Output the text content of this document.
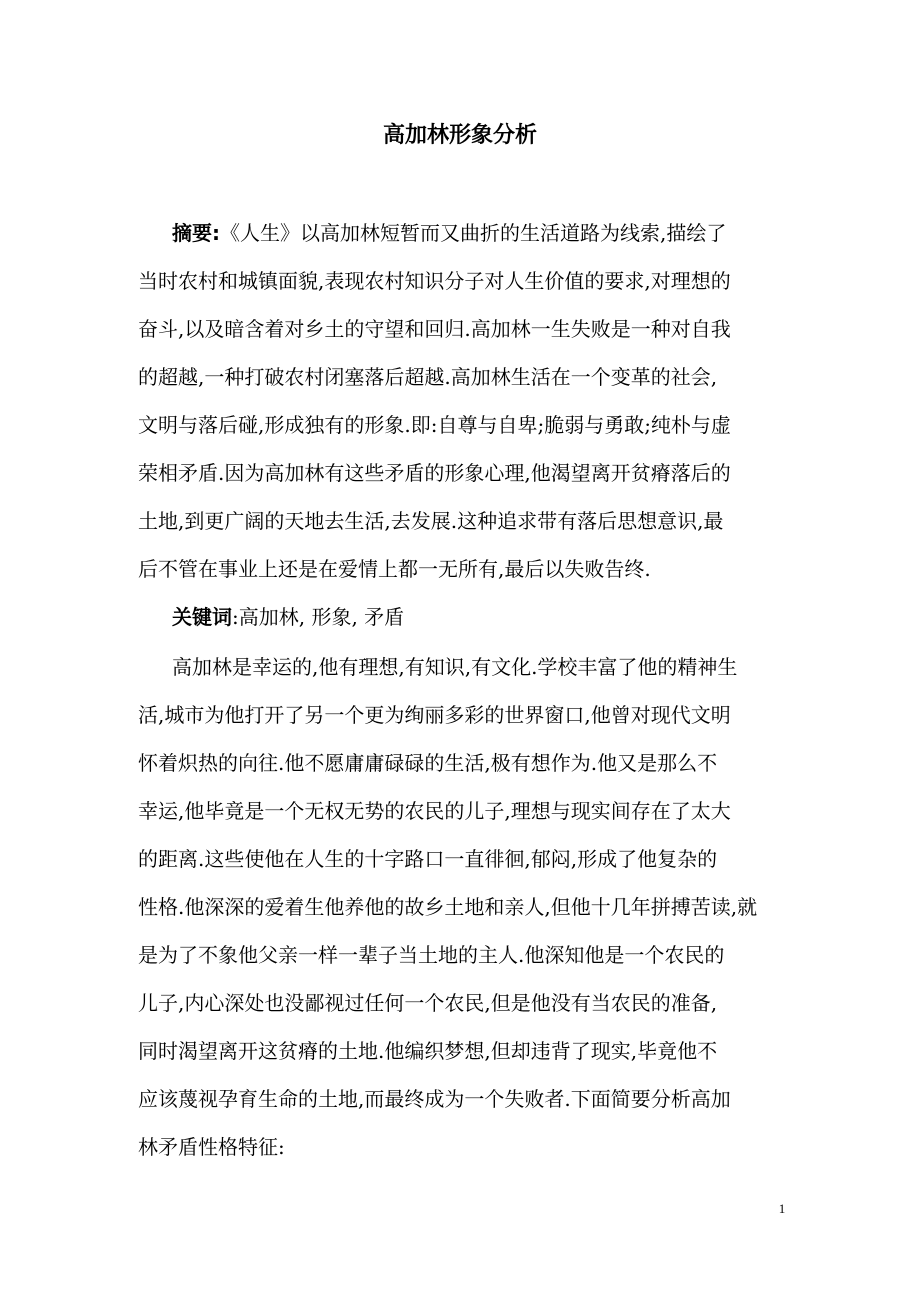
高加林形象分析
摘要:《人生》以高加林短暂而又曲折的生活道路为线索,描绘了
当时农村和城镇面貌,表现农村知识分子对人生价值的要求,对理想的
奋斗,以及暗含着对乡土的守望和回归.高加林一生失败是一种对自我
的超越,一种打破农村闭塞落后超越.高加林生活在一个变革的社会,
文明与落后碰,形成独有的形象.即:自尊与自卑;脆弱与勇敢;纯朴与虚
荣相矛盾.因为高加林有这些矛盾的形象心理,他渴望离开贫瘠落后的
土地,到更广阔的天地去生活,去发展.这种追求带有落后思想意识,最
后不管在事业上还是在爱情上都一无所有,最后以失败告终.
关键词:高加林, 形象, 矛盾
高加林是幸运的,他有理想,有知识,有文化.学校丰富了他的精神生
活,城市为他打开了另一个更为绚丽多彩的世界窗口,他曾对现代文明
怀着炽热的向往.他不愿庸庸碌碌的生活,极有想作为.他又是那么不
幸运,他毕竟是一个无权无势的农民的儿子,理想与现实间存在了太大
的距离.这些使他在人生的十字路口一直徘徊,郁闷,形成了他复杂的
性格.他深深的爱着生他养他的故乡土地和亲人,但他十几年拼搏苦读,就
是为了不象他父亲一样一辈子当土地的主人.他深知他是一个农民的
儿子,内心深处也没鄙视过任何一个农民,但是他没有当农民的准备,
同时渴望离开这贫瘠的土地.他编织梦想,但却违背了现实,毕竟他不
应该蔑视孕育生命的土地,而最终成为一个失败者.下面简要分析高加
林矛盾性格特征:
1
